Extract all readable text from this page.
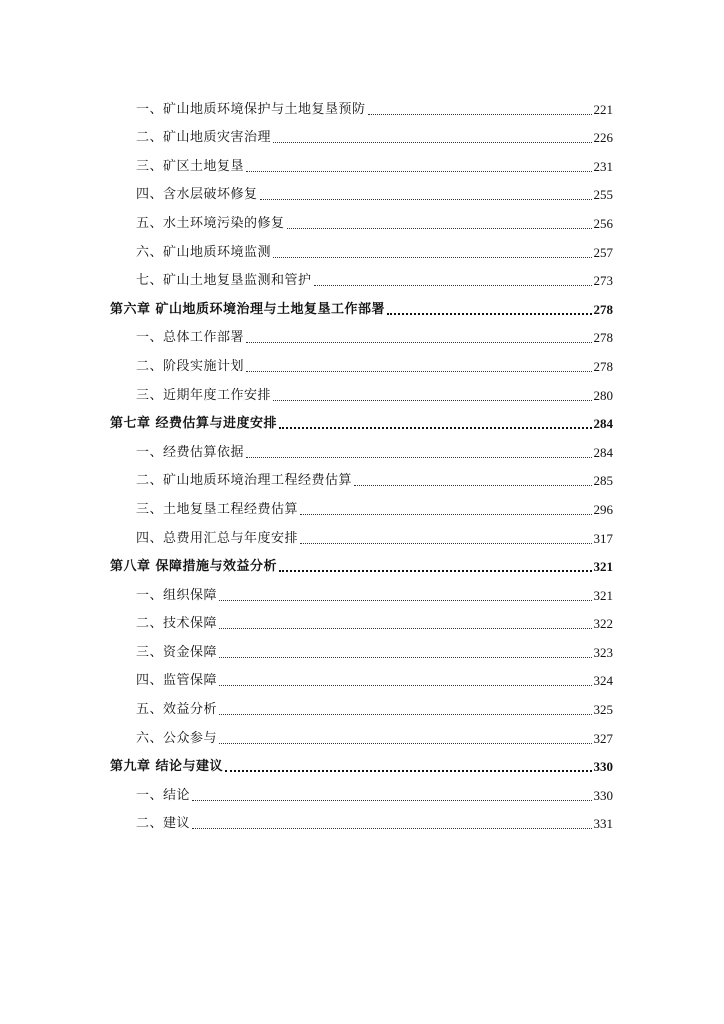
一、矿山地质环境保护与土地复垦预防	221
二、矿山地质灾害治理	226
三、矿区土地复垦	231
四、含水层破坏修复	255
五、水土环境污染的修复	256
六、矿山地质环境监测	257
七、矿山土地复垦监测和管护	273
第六章 矿山地质环境治理与土地复垦工作部署	278
一、总体工作部署	278
二、阶段实施计划	278
三、近期年度工作安排	280
第七章 经费估算与进度安排	284
一、经费估算依据	284
二、矿山地质环境治理工程经费估算	285
三、土地复垦工程经费估算	296
四、总费用汇总与年度安排	317
第八章 保障措施与效益分析	321
一、组织保障	321
二、技术保障	322
三、资金保障	323
四、监管保障	324
五、效益分析	325
六、公众参与	327
第九章 结论与建议	330
一、结论	330
二、建议	331
